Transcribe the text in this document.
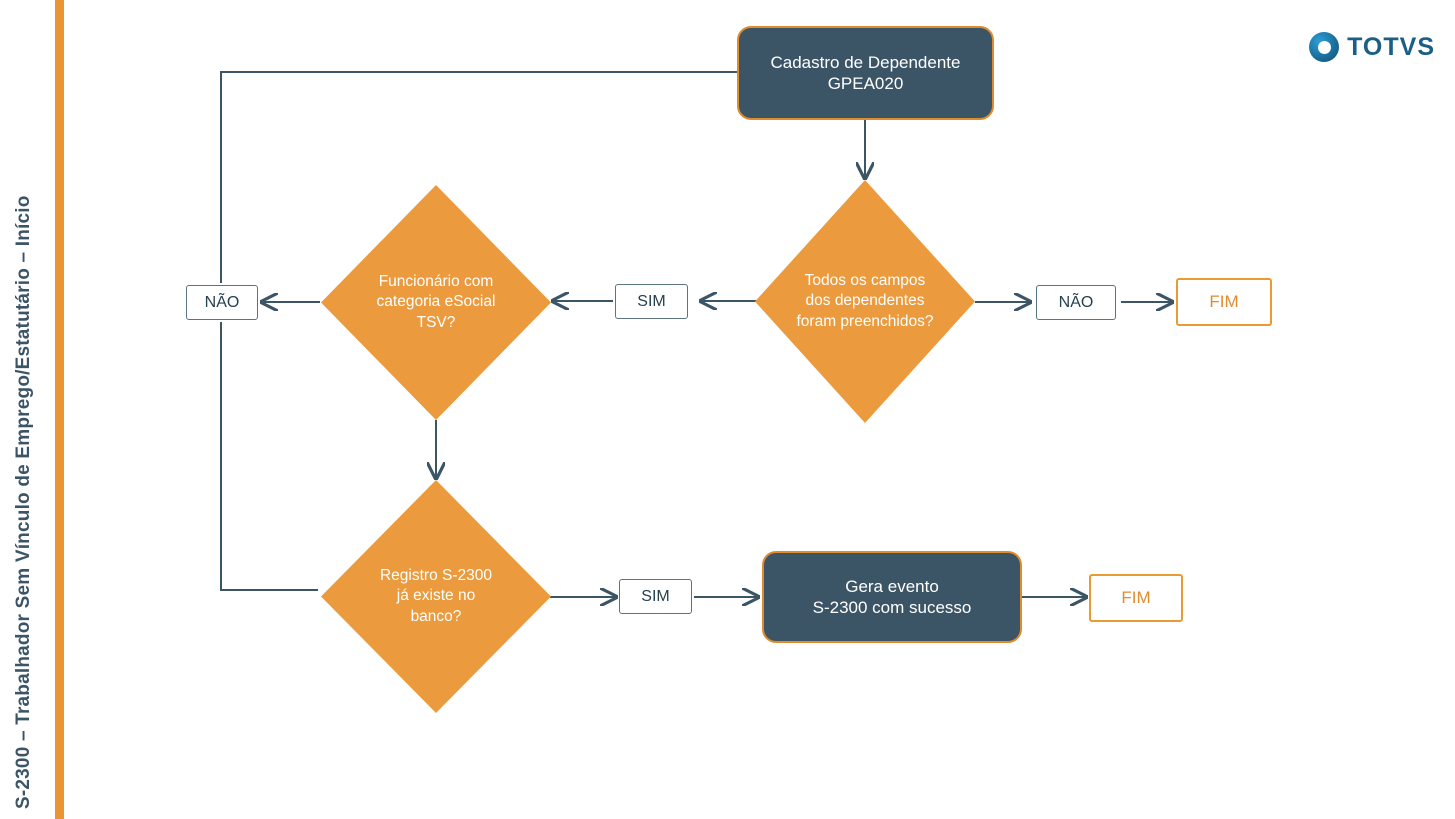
S-2300 – Trabalhador Sem Vínculo de Emprego/Estatutário – Início
TOTVS
Cadastro de Dependente
GPEA020
Todos os campos
dos dependentes
foram preenchidos?
Funcionário com
categoria eSocial
TSV?
Registro S-2300
já existe no
banco?
Gera evento
S-2300 com sucesso
SIM	NÃO
NÃO
SIM
FIM
FIM
